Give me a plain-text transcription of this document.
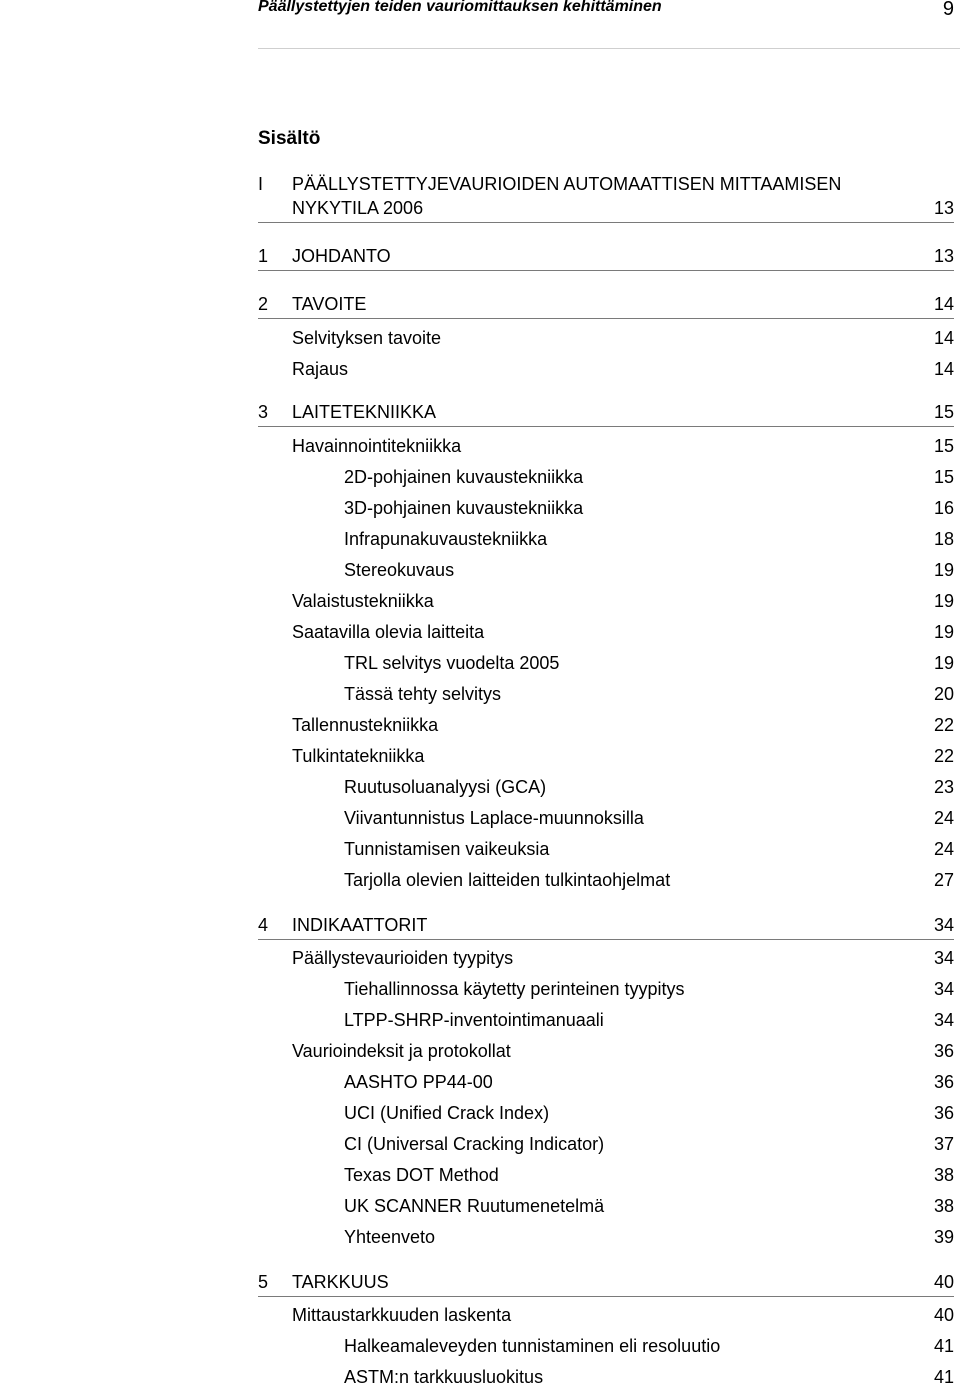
Päällystettyjen teiden vauriomittauksen kehittäminen	9
Sisältö
I PÄÄLLYSTETTYJEVAURIOIDEN AUTOMAATTISEN MITTAAMISEN
NYKYTILA 2006	13
1 JOHDANTO	13
2 TAVOITE	14
Selvityksen tavoite	14
Rajaus	14
3 LAITETEKNIIKKA	15
Havainnointitekniikka	15
2D-pohjainen kuvaustekniikka	15
3D-pohjainen kuvaustekniikka	16
Infrapunakuvaustekniikka	18
Stereokuvaus	19
Valaistustekniikka	19
Saatavilla olevia laitteita	19
TRL selvitys vuodelta 2005	19
Tässä tehty selvitys	20
Tallennustekniikka	22
Tulkintatekniikka	22
Ruutusoluanalyysi (GCA)	23
Viivantunnistus Laplace-muunnoksilla	24
Tunnistamisen vaikeuksia	24
Tarjolla olevien laitteiden tulkintaohjelmat	27
4 INDIKAATTORIT	34
Päällystevaurioiden tyypitys	34
Tiehallinnossa käytetty perinteinen tyypitys	34
LTPP-SHRP-inventointimanuaali	34
Vaurioindeksit ja protokollat	36
AASHTO PP44-00	36
UCI (Unified Crack Index)	36
CI (Universal Cracking Indicator)	37
Texas DOT Method	38
UK SCANNER Ruutumenetelmä	38
Yhteenveto	39
5 TARKKUUS	40
Mittaustarkkuuden laskenta	40
Halkeamaleveyden tunnistaminen eli resoluutio	41
ASTM:n tarkkuusluokitus	41
